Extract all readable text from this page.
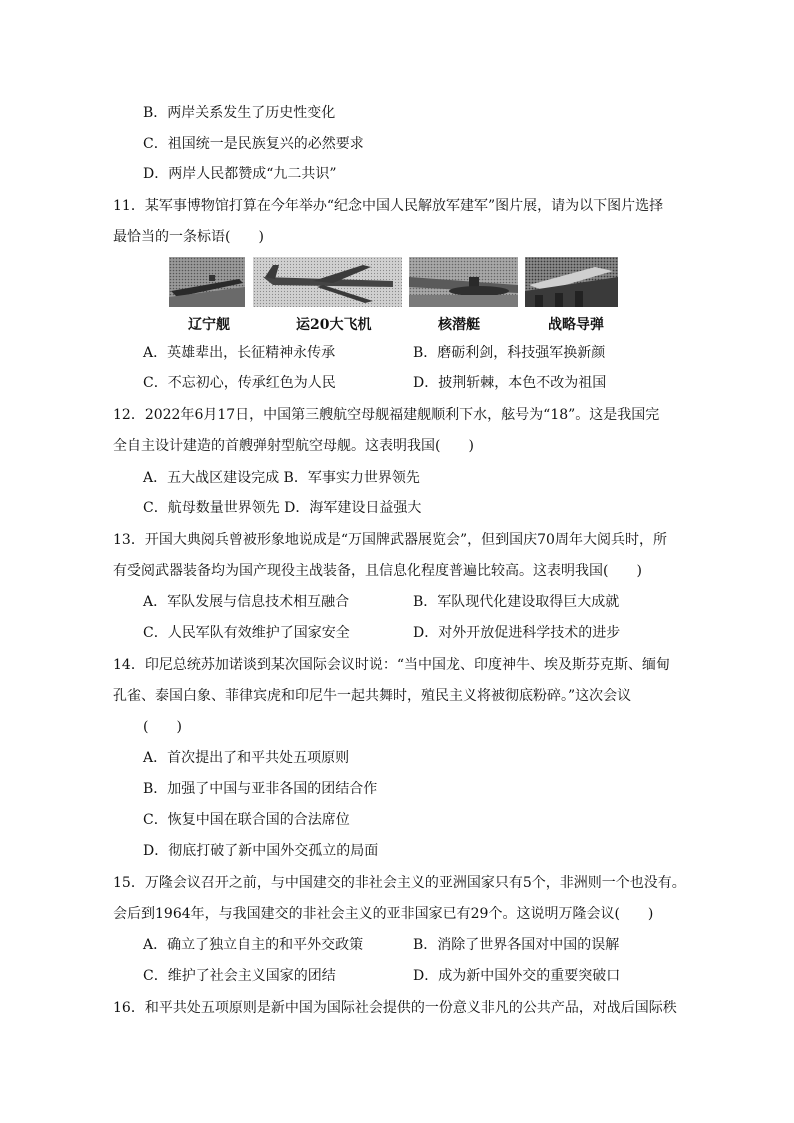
B．两岸关系发生了历史性变化
C．祖国统一是民族复兴的必然要求
D．两岸人民都赞成“九二共识”
11．某军事博物馆打算在今年举办“纪念中国人民解放军建军”图片展，请为以下图片选择
最恰当的一条标语(　　)
辽宁舰	运20大飞机	核潜艇	战略导弹
A．英雄辈出，长征精神永传承	B．磨砺利剑，科技强军换新颜
C．不忘初心，传承红色为人民	D．披荆斩棘，本色不改为祖国
12．2022年6月17日，中国第三艘航空母舰福建舰顺利下水，舷号为“18”。这是我国完
全自主设计建造的首艘弹射型航空母舰。这表明我国(　　)
A．五大战区建设完成 B．军事实力世界领先
C．航母数量世界领先 D．海军建设日益强大
13．开国大典阅兵曾被形象地说成是“万国牌武器展览会”，但到国庆70周年大阅兵时，所
有受阅武器装备均为国产现役主战装备，且信息化程度普遍比较高。这表明我国(　　)
A．军队发展与信息技术相互融合	B．军队现代化建设取得巨大成就
C．人民军队有效维护了国家安全	D．对外开放促进科学技术的进步
14．印尼总统苏加诺谈到某次国际会议时说：“当中国龙、印度神牛、埃及斯芬克斯、缅甸
孔雀、泰国白象、菲律宾虎和印尼牛一起共舞时，殖民主义将被彻底粉碎。”这次会议
(　　)
A．首次提出了和平共处五项原则
B．加强了中国与亚非各国的团结合作
C．恢复中国在联合国的合法席位
D．彻底打破了新中国外交孤立的局面
15．万隆会议召开之前，与中国建交的非社会主义的亚洲国家只有5个，非洲则一个也没有。
会后到1964年，与我国建交的非社会主义的亚非国家已有29个。这说明万隆会议(　　)
A．确立了独立自主的和平外交政策	B．消除了世界各国对中国的误解
C．维护了社会主义国家的团结	D．成为新中国外交的重要突破口
16．和平共处五项原则是新中国为国际社会提供的一份意义非凡的公共产品，对战后国际秩
